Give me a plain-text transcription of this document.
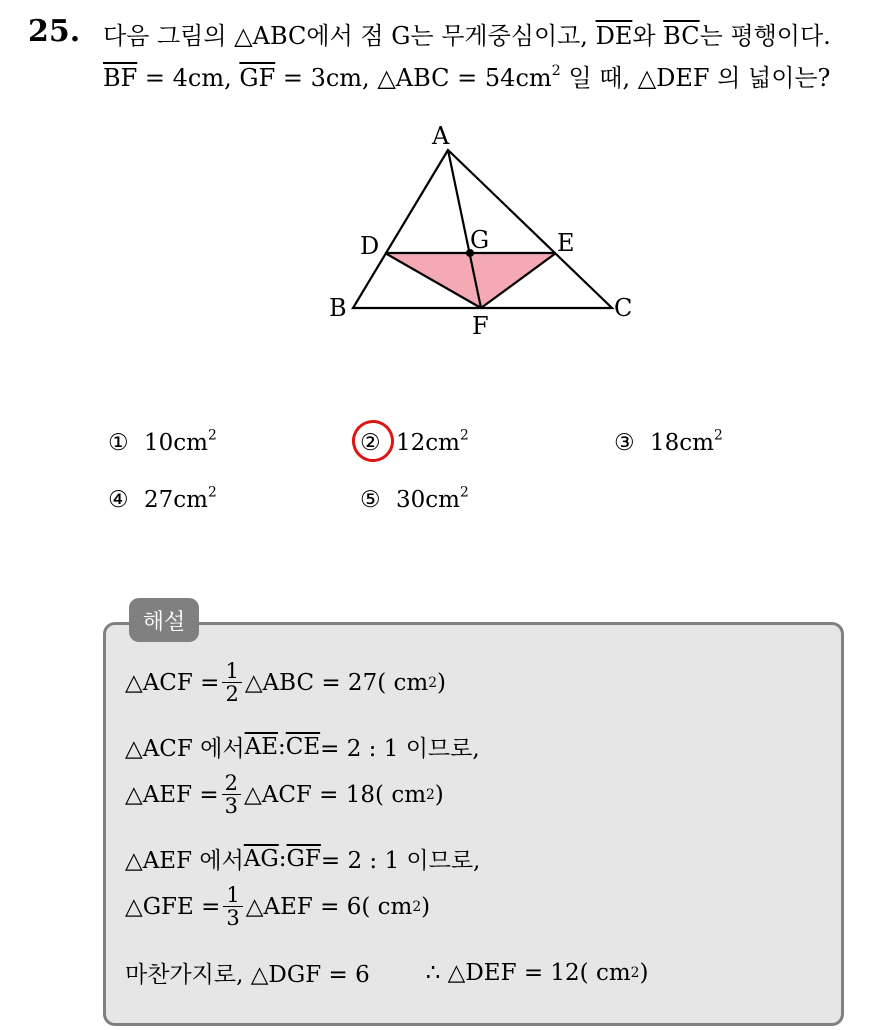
25. 다음 그림의 △ABC에서 점 G는 무게중심이고, $\overline{DE}$와 $\overline{BC}$는 평행이다.
$\overline{BF} = 4cm$, $\overline{GF} = 3cm$, △ABC = $54cm^2$ 일 때, △DEF 의 넓이는?
A
D	G	E
B
F
C
① $10cm^2$	② $12cm^2$	③ $18cm^2$
④ $27cm^2$	⑤ $30cm^2$
해설
△ACF = $\frac{1}{2}$ △ABC = 27( cm 2 )
△ACF 에서 $\overline{AE}$ : $\overline{CE} = 2$ : 1 이므로,
△AEF = $\frac{2}{3}$ △ACF = 18( cm 2 )
△AEF 에서 $\overline{AG}$ : $\overline{GF} = 2$ : 1 이므로,
△GFE = $\frac{1}{3}$ △AEF = 6( cm 2 )
마찬가지로, △DGF = 6 ∴ △DEF = 12( cm 2 )
